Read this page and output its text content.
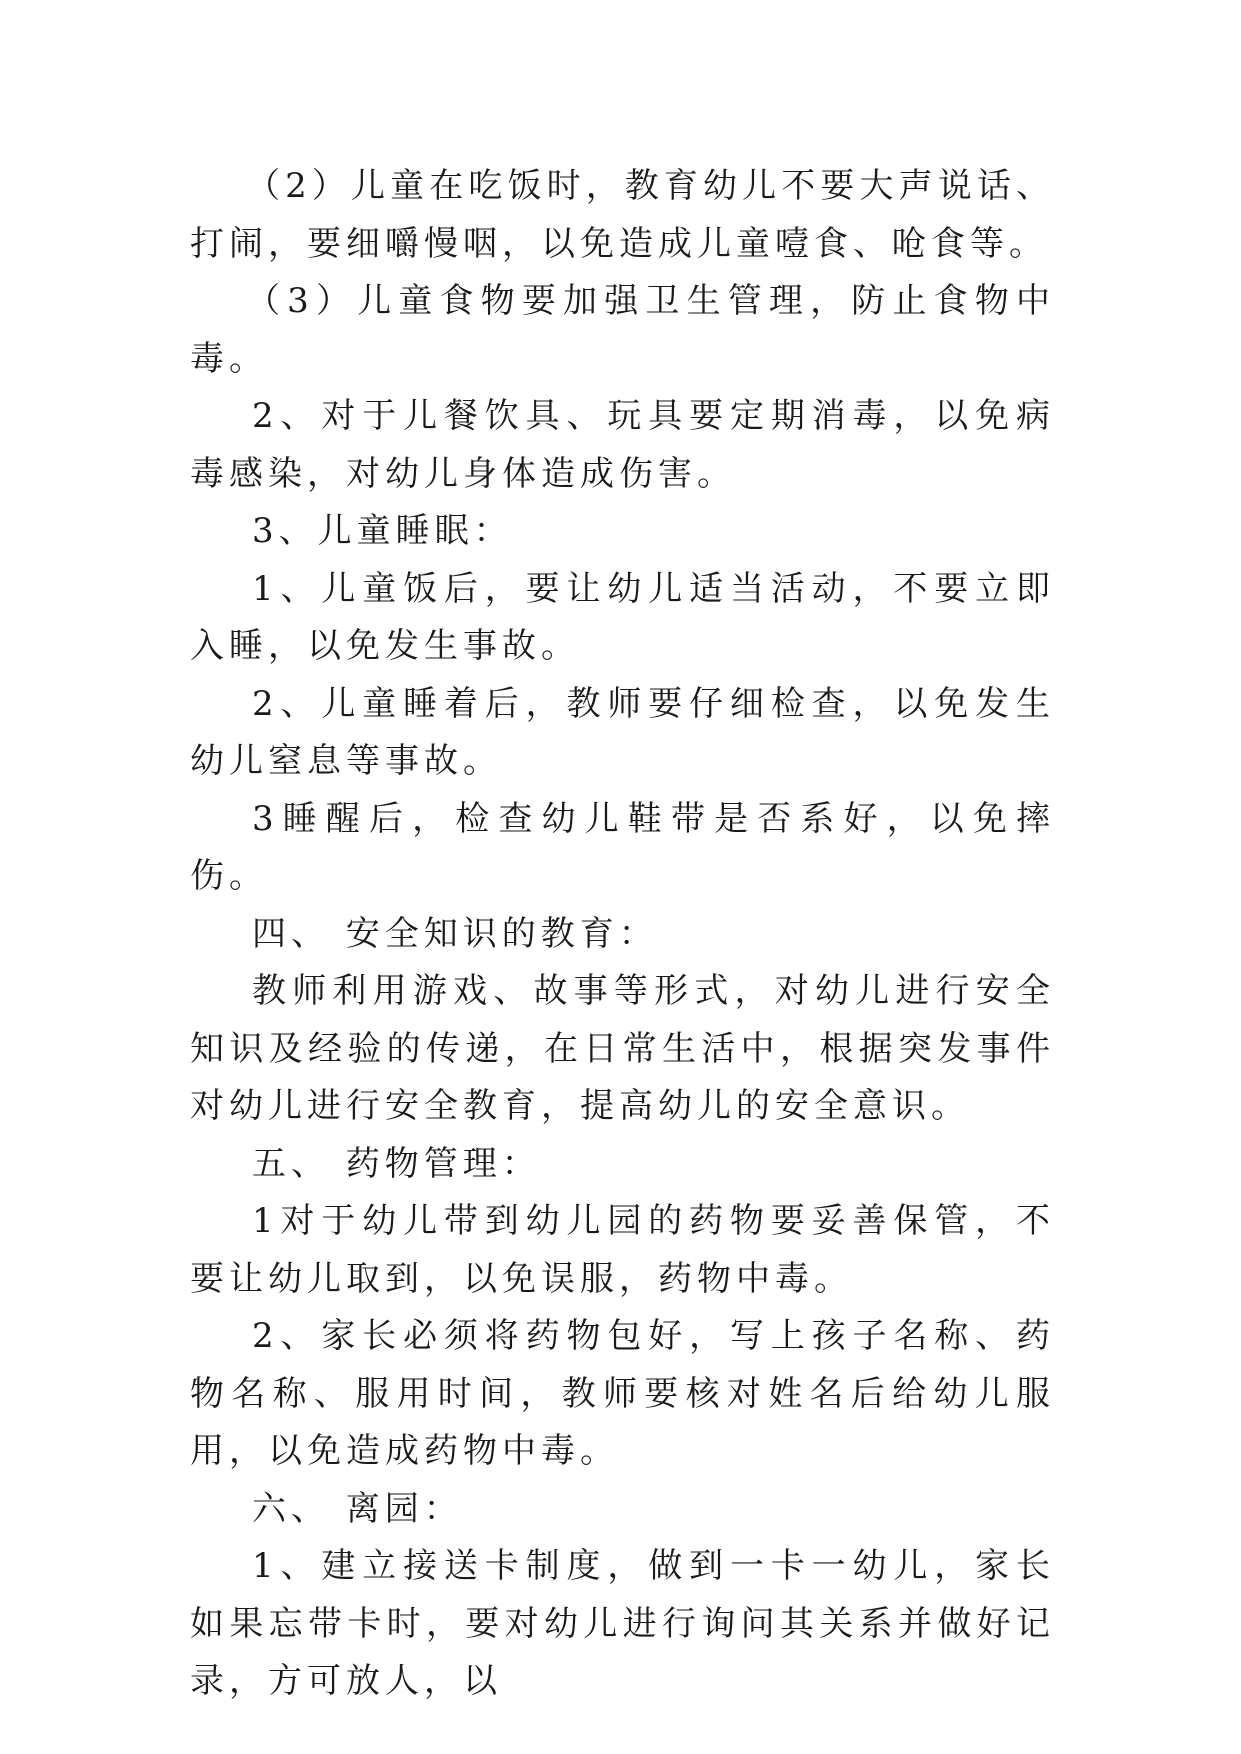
（2）儿童在吃饭时，教育幼儿不要大声说话、打闹，要细嚼慢咽，以免造成儿童噎食、呛食等。

（3）儿童食物要加强卫生管理，防止食物中毒。

2、对于儿餐饮具、玩具要定期消毒，以免病毒感染，对幼儿身体造成伤害。

3、儿童睡眠：

1、儿童饭后，要让幼儿适当活动，不要立即入睡，以免发生事故。

2、儿童睡着后，教师要仔细检查，以免发生幼儿窒息等事故。

3睡醒后，检查幼儿鞋带是否系好，以免摔伤。

四、 安全知识的教育：

教师利用游戏、故事等形式，对幼儿进行安全知识及经验的传递，在日常生活中，根据突发事件对幼儿进行安全教育，提高幼儿的安全意识。

五、 药物管理：

1对于幼儿带到幼儿园的药物要妥善保管，不要让幼儿取到，以免误服，药物中毒。

2、家长必须将药物包好，写上孩子名称、药物名称、服用时间，教师要核对姓名后给幼儿服用，以免造成药物中毒。

六、 离园：

1、建立接送卡制度，做到一卡一幼儿，家长如果忘带卡时，要对幼儿进行询问其关系并做好记录，方可放人，以
